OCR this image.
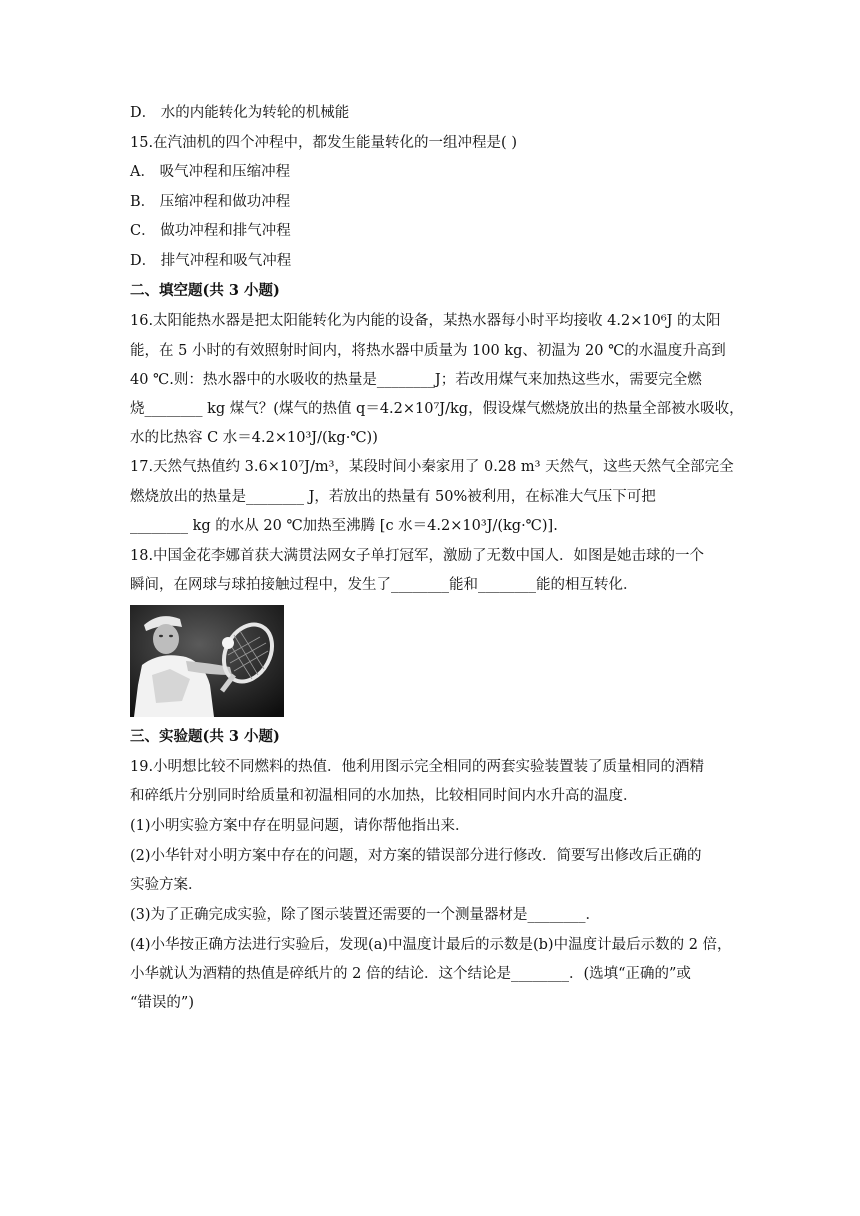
D． 水的内能转化为转轮的机械能
15.在汽油机的四个冲程中，都发生能量转化的一组冲程是( )
A． 吸气冲程和压缩冲程
B． 压缩冲程和做功冲程
C． 做功冲程和排气冲程
D． 排气冲程和吸气冲程
二、填空题(共 3 小题)
16.太阳能热水器是把太阳能转化为内能的设备，某热水器每小时平均接收 4.2×10⁶J 的太阳
能，在 5 小时的有效照射时间内，将热水器中质量为 100 kg、初温为 20 ℃的水温度升高到
40 ℃.则：热水器中的水吸收的热量是________J；若改用煤气来加热这些水，需要完全燃
烧________ kg 煤气？(煤气的热值 q＝4.2×10⁷J/kg，假设煤气燃烧放出的热量全部被水吸收，
水的比热容 C 水＝4.2×10³J/(kg·℃))
17.天然气热值约 3.6×10⁷J/m³，某段时间小秦家用了 0.28 m³ 天然气，这些天然气全部完全
燃烧放出的热量是________ J，若放出的热量有 50%被利用，在标准大气压下可把
________ kg 的水从 20 ℃加热至沸腾 [c 水＝4.2×10³J/(kg·℃)].
18.中国金花李娜首获大满贯法网女子单打冠军，激励了无数中国人．如图是她击球的一个
瞬间，在网球与球拍接触过程中，发生了________能和________能的相互转化．
三、实验题(共 3 小题)
19.小明想比较不同燃料的热值．他利用图示完全相同的两套实验装置装了质量相同的酒精
和碎纸片分别同时给质量和初温相同的水加热，比较相同时间内水升高的温度．
(1)小明实验方案中存在明显问题，请你帮他指出来．
(2)小华针对小明方案中存在的问题，对方案的错误部分进行修改．简要写出修改后正确的
实验方案．
(3)为了正确完成实验，除了图示装置还需要的一个测量器材是________．
(4)小华按正确方法进行实验后，发现(a)中温度计最后的示数是(b)中温度计最后示数的 2 倍，
小华就认为酒精的热值是碎纸片的 2 倍的结论．这个结论是________．(选填“正确的”或
“错误的”)
